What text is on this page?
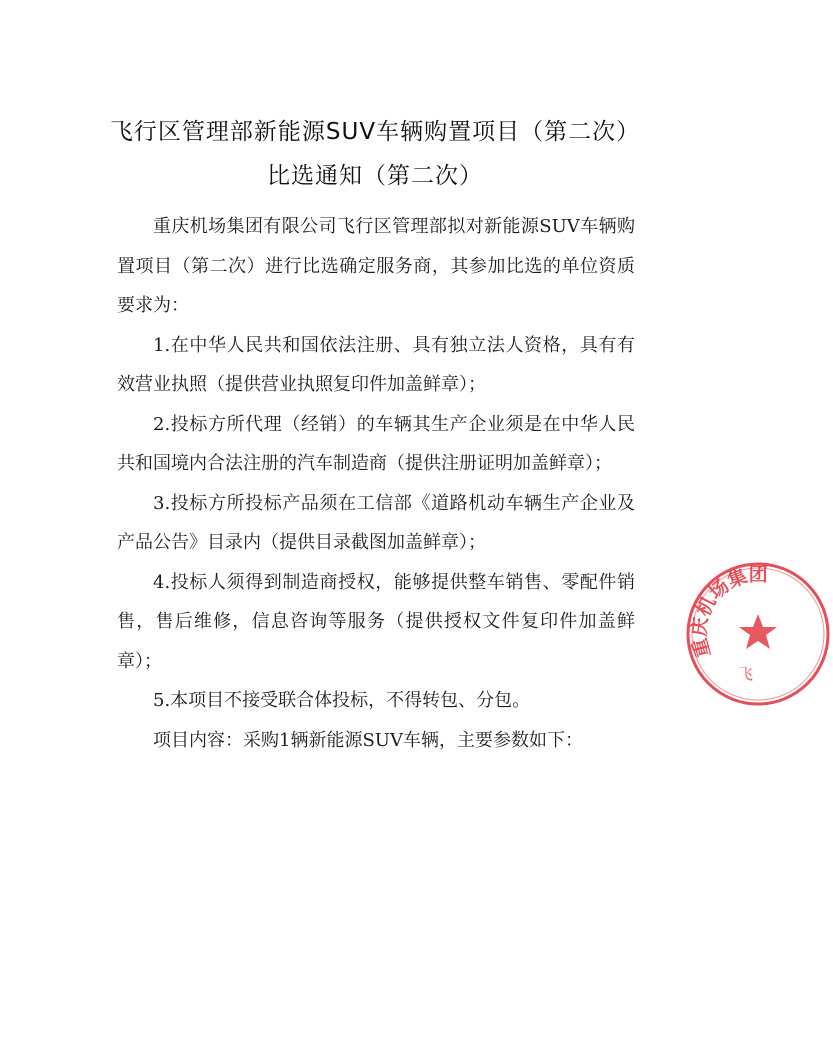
飞行区管理部新能源SUV车辆购置项目（第二次）
比选通知（第二次）

重庆机场集团有限公司飞行区管理部拟对新能源SUV车辆购置项目（第二次）进行比选确定服务商，其参加比选的单位资质要求为：

1.在中华人民共和国依法注册、具有独立法人资格，具有有效营业执照（提供营业执照复印件加盖鲜章）；

2.投标方所代理（经销）的车辆其生产企业须是在中华人民共和国境内合法注册的汽车制造商（提供注册证明加盖鲜章）；

3.投标方所投标产品须在工信部《道路机动车辆生产企业及产品公告》目录内（提供目录截图加盖鲜章）；

4.投标人须得到制造商授权，能够提供整车销售、零配件销售，售后维修，信息咨询等服务（提供授权文件复印件加盖鲜章）；

5.本项目不接受联合体投标，不得转包、分包。

项目内容：采购1辆新能源SUV车辆，主要参数如下：

重庆机场集团
飞
